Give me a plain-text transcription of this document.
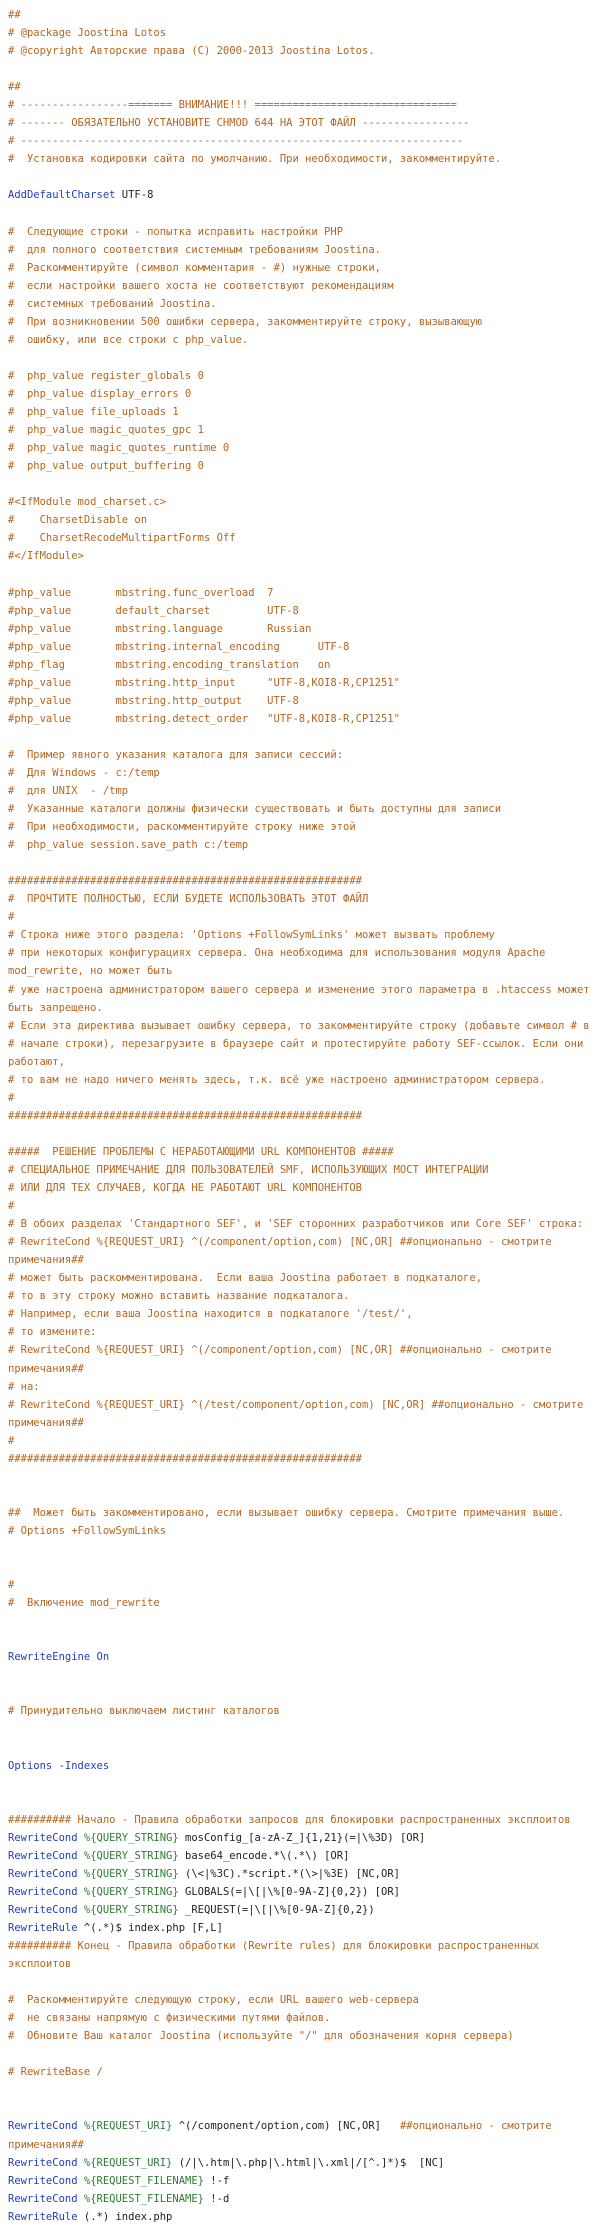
##
# @package Joostina Lotos
# @copyright Авторские права (C) 2000-2013 Joostina Lotos.
##
# -----------------======= ВНИМАНИЕ!!! ================================
# ------- ОБЯЗАТЕЛЬНО УСТАНОВИТЕ CHMOD 644 НА ЭТОТ ФАЙЛ -----------------
# ----------------------------------------------------------------------
#  Установка кодировки сайта по умолчанию. При необходимости, закомментируйте.
AddDefaultCharset UTF-8
#  Следующие строки - попытка исправить настройки PHP
#  для полного соответствия системным требованиям Joostina.
#  Раскомментируйте (символ комментария - #) нужные строки,
#  если настройки вашего хоста не соответствуют рекомендациям
#  системных требований Joostina.
#  При возникновении 500 ошибки сервера, закомментируйте строку, вызывающую
#  ошибку, или все строки с php_value.
#  php_value register_globals 0
#  php_value display_errors 0
#  php_value file_uploads 1
#  php_value magic_quotes_gpc 1
#  php_value magic_quotes_runtime 0
#  php_value output_buffering 0
#<IfModule mod_charset.c>
#    CharsetDisable on
#    CharsetRecodeMultipartForms Off
#</IfModule>
#php_value       mbstring.func_overload  7
#php_value       default_charset         UTF-8
#php_value       mbstring.language       Russian
#php_value       mbstring.internal_encoding      UTF-8
#php_flag        mbstring.encoding_translation   on
#php_value       mbstring.http_input     "UTF-8,KOI8-R,CP1251"
#php_value       mbstring.http_output    UTF-8
#php_value       mbstring.detect_order   "UTF-8,KOI8-R,CP1251"
#  Пример явного указания каталога для записи сессий:
#  Для Windows - c:/temp
#  для UNIX  - /tmp
#  Указанные каталоги должны физически существовать и быть доступны для записи
#  При необходимости, раскомментируйте строку ниже этой
#  php_value session.save_path c:/temp
########################################################
#  ПРОЧТИТЕ ПОЛНОСТЬЮ, ЕСЛИ БУДЕТЕ ИСПОЛЬЗОВАТЬ ЭТОТ ФАЙЛ
#
# Строка ниже этого раздела: 'Options +FollowSymLinks' может вызвать проблему
# при некоторых конфигурациях сервера. Она необходима для использования модуля Apache mod_rewrite, но может быть
# уже настроена администратором вашего сервера и изменение этого параметра в .htaccess может быть запрещено.
# Если эта директива вызывает ошибку сервера, то закомментируйте строку (добавьте символ # в
# начале строки), перезагрузите в браузере сайт и протестируйте работу SEF-ссылок. Если они работают,
# то вам не надо ничего менять здесь, т.к. всё уже настроено администратором сервера.
#
########################################################
#####  РЕШЕНИЕ ПРОБЛЕМЫ С НЕРАБОТАЮЩИМИ URL КОМПОНЕНТОВ #####
# СПЕЦИАЛЬНОЕ ПРИМЕЧАНИЕ ДЛЯ ПОЛЬЗОВАТЕЛЕЙ SMF, ИСПОЛЬЗУЮЩИХ МОСТ ИНТЕГРАЦИИ
# ИЛИ ДЛЯ ТЕХ СЛУЧАЕВ, КОГДА НЕ РАБОТАЮТ URL КОМПОНЕНТОВ
#
# В обоих разделах 'Стандартного SEF', и 'SEF сторонних разработчиков или Core SEF' строка:
# RewriteCond %{REQUEST_URI} ^(/component/option,com) [NC,OR] ##опционально - смотрите примечания##
# может быть раскомментирована.  Если ваша Joostina работает в подкаталоге,
# то в эту строку можно вставить название подкаталога.
# Например, если ваша Joostina находится в подкаталоге '/test/',
# то измените:
# RewriteCond %{REQUEST_URI} ^(/component/option,com) [NC,OR] ##опционально - смотрите примечания##
# на:
# RewriteCond %{REQUEST_URI} ^(/test/component/option,com) [NC,OR] ##опционально - смотрите примечания##
#
########################################################
##  Может быть закомментировано, если вызывает ошибку сервера. Смотрите примечания выше.
# Options +FollowSymLinks
#
#  Включение mod_rewrite
RewriteEngine On
# Принудительно выключаем листинг каталогов
Options -Indexes
########## Начало - Правила обработки запросов для блокировки распространенных эксплоитов
RewriteCond %{QUERY_STRING} mosConfig_[a-zA-Z_]{1,21}(=|\%3D) [OR]
RewriteCond %{QUERY_STRING} base64_encode.*\(.*\) [OR]
RewriteCond %{QUERY_STRING} (\<|%3C).*script.*(\>|%3E) [NC,OR]
RewriteCond %{QUERY_STRING} GLOBALS(=|\[|\%[0-9A-Z]{0,2}) [OR]
RewriteCond %{QUERY_STRING} _REQUEST(=|\[|\%[0-9A-Z]{0,2})
RewriteRule ^(.*)$ index.php [F,L]
########## Конец - Правила обработки (Rewrite rules) для блокировки распространенных эксплоитов
#  Раскомментируйте следующую строку, если URL вашего web-сервера
#  не связаны напрямую с физическими путями файлов.
#  Обновите Ваш каталог Joostina (используйте "/" для обозначения корня сервера)
# RewriteBase /
RewriteCond %{REQUEST_URI} ^(/component/option,com) [NC,OR]   ##опционально - смотрите примечания##
RewriteCond %{REQUEST_URI} (/|\.htm|\.php|\.html|\.xml|/[^.]*)$  [NC]
RewriteCond %{REQUEST_FILENAME} !-f
RewriteCond %{REQUEST_FILENAME} !-d
RewriteRule (.*) index.php
